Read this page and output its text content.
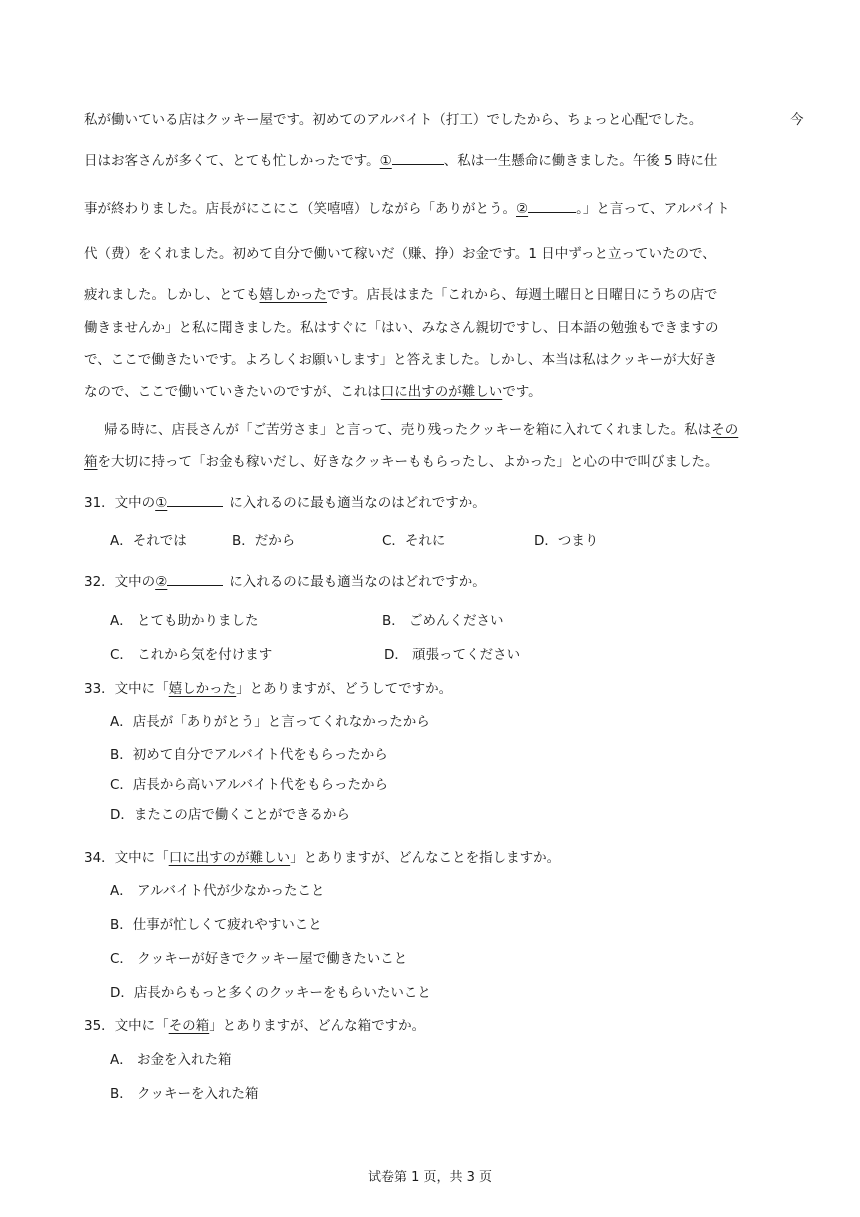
私が働いている店はクッキー屋です。初めてのアルバイト（打工）でしたから、ちょっと心配でした。	今
日はお客さんが多くて、とても忙しかったです。①	、私は一生懸命に働きました。午後 5 時に仕
事が終わりました。店長がにこにこ（笑嘻嘻）しながら「ありがとう。②	。」と言って、アルバイト
代（费）をくれました。初めて自分で働いて稼いだ（赚、挣）お金です。1 日中ずっと立っていたので、
疲れました。しかし、とても嬉しかったです。店長はまた「これから、毎週土曜日と日曜日にうちの店で
働きませんか」と私に聞きました。私はすぐに「はい、みなさん親切ですし、日本語の勉強もできますの
で、ここで働きたいです。よろしくお願いします」と答えました。しかし、本当は私はクッキーが大好き
なので、ここで働いていきたいのですが、これは口に出すのが難しいです。
帰る時に、店長さんが「ご苦労さま」と言って、売り残ったクッキーを箱に入れてくれました。私はその
箱を大切に持って「お金も稼いだし、好きなクッキーももらったし、よかった」と心の中で叫びました。
31．文中の①	に入れるのに最も適当なのはどれですか。
A．それでは	B．だから	C．それに	D．つまり
32．文中の②	に入れるのに最も適当なのはどれですか。
A． とても助かりました	B． ごめんください
C． これから気を付けます	D． 頑張ってください
33．文中に「嬉しかった」とありますが、どうしてですか。
A．店長が「ありがとう」と言ってくれなかったから
B．初めて自分でアルバイト代をもらったから
C．店長から高いアルバイト代をもらったから
D．またこの店で働くことができるから
34．文中に「口に出すのが難しい」とありますが、どんなことを指しますか。
A． アルバイト代が少なかったこと
B．仕事が忙しくて疲れやすいこと
C． クッキーが好きでクッキー屋で働きたいこと
D．店長からもっと多くのクッキーをもらいたいこと
35．文中に「その箱」とありますが、どんな箱ですか。
A． お金を入れた箱
B． クッキーを入れた箱
试卷第 1 页，共 3 页
